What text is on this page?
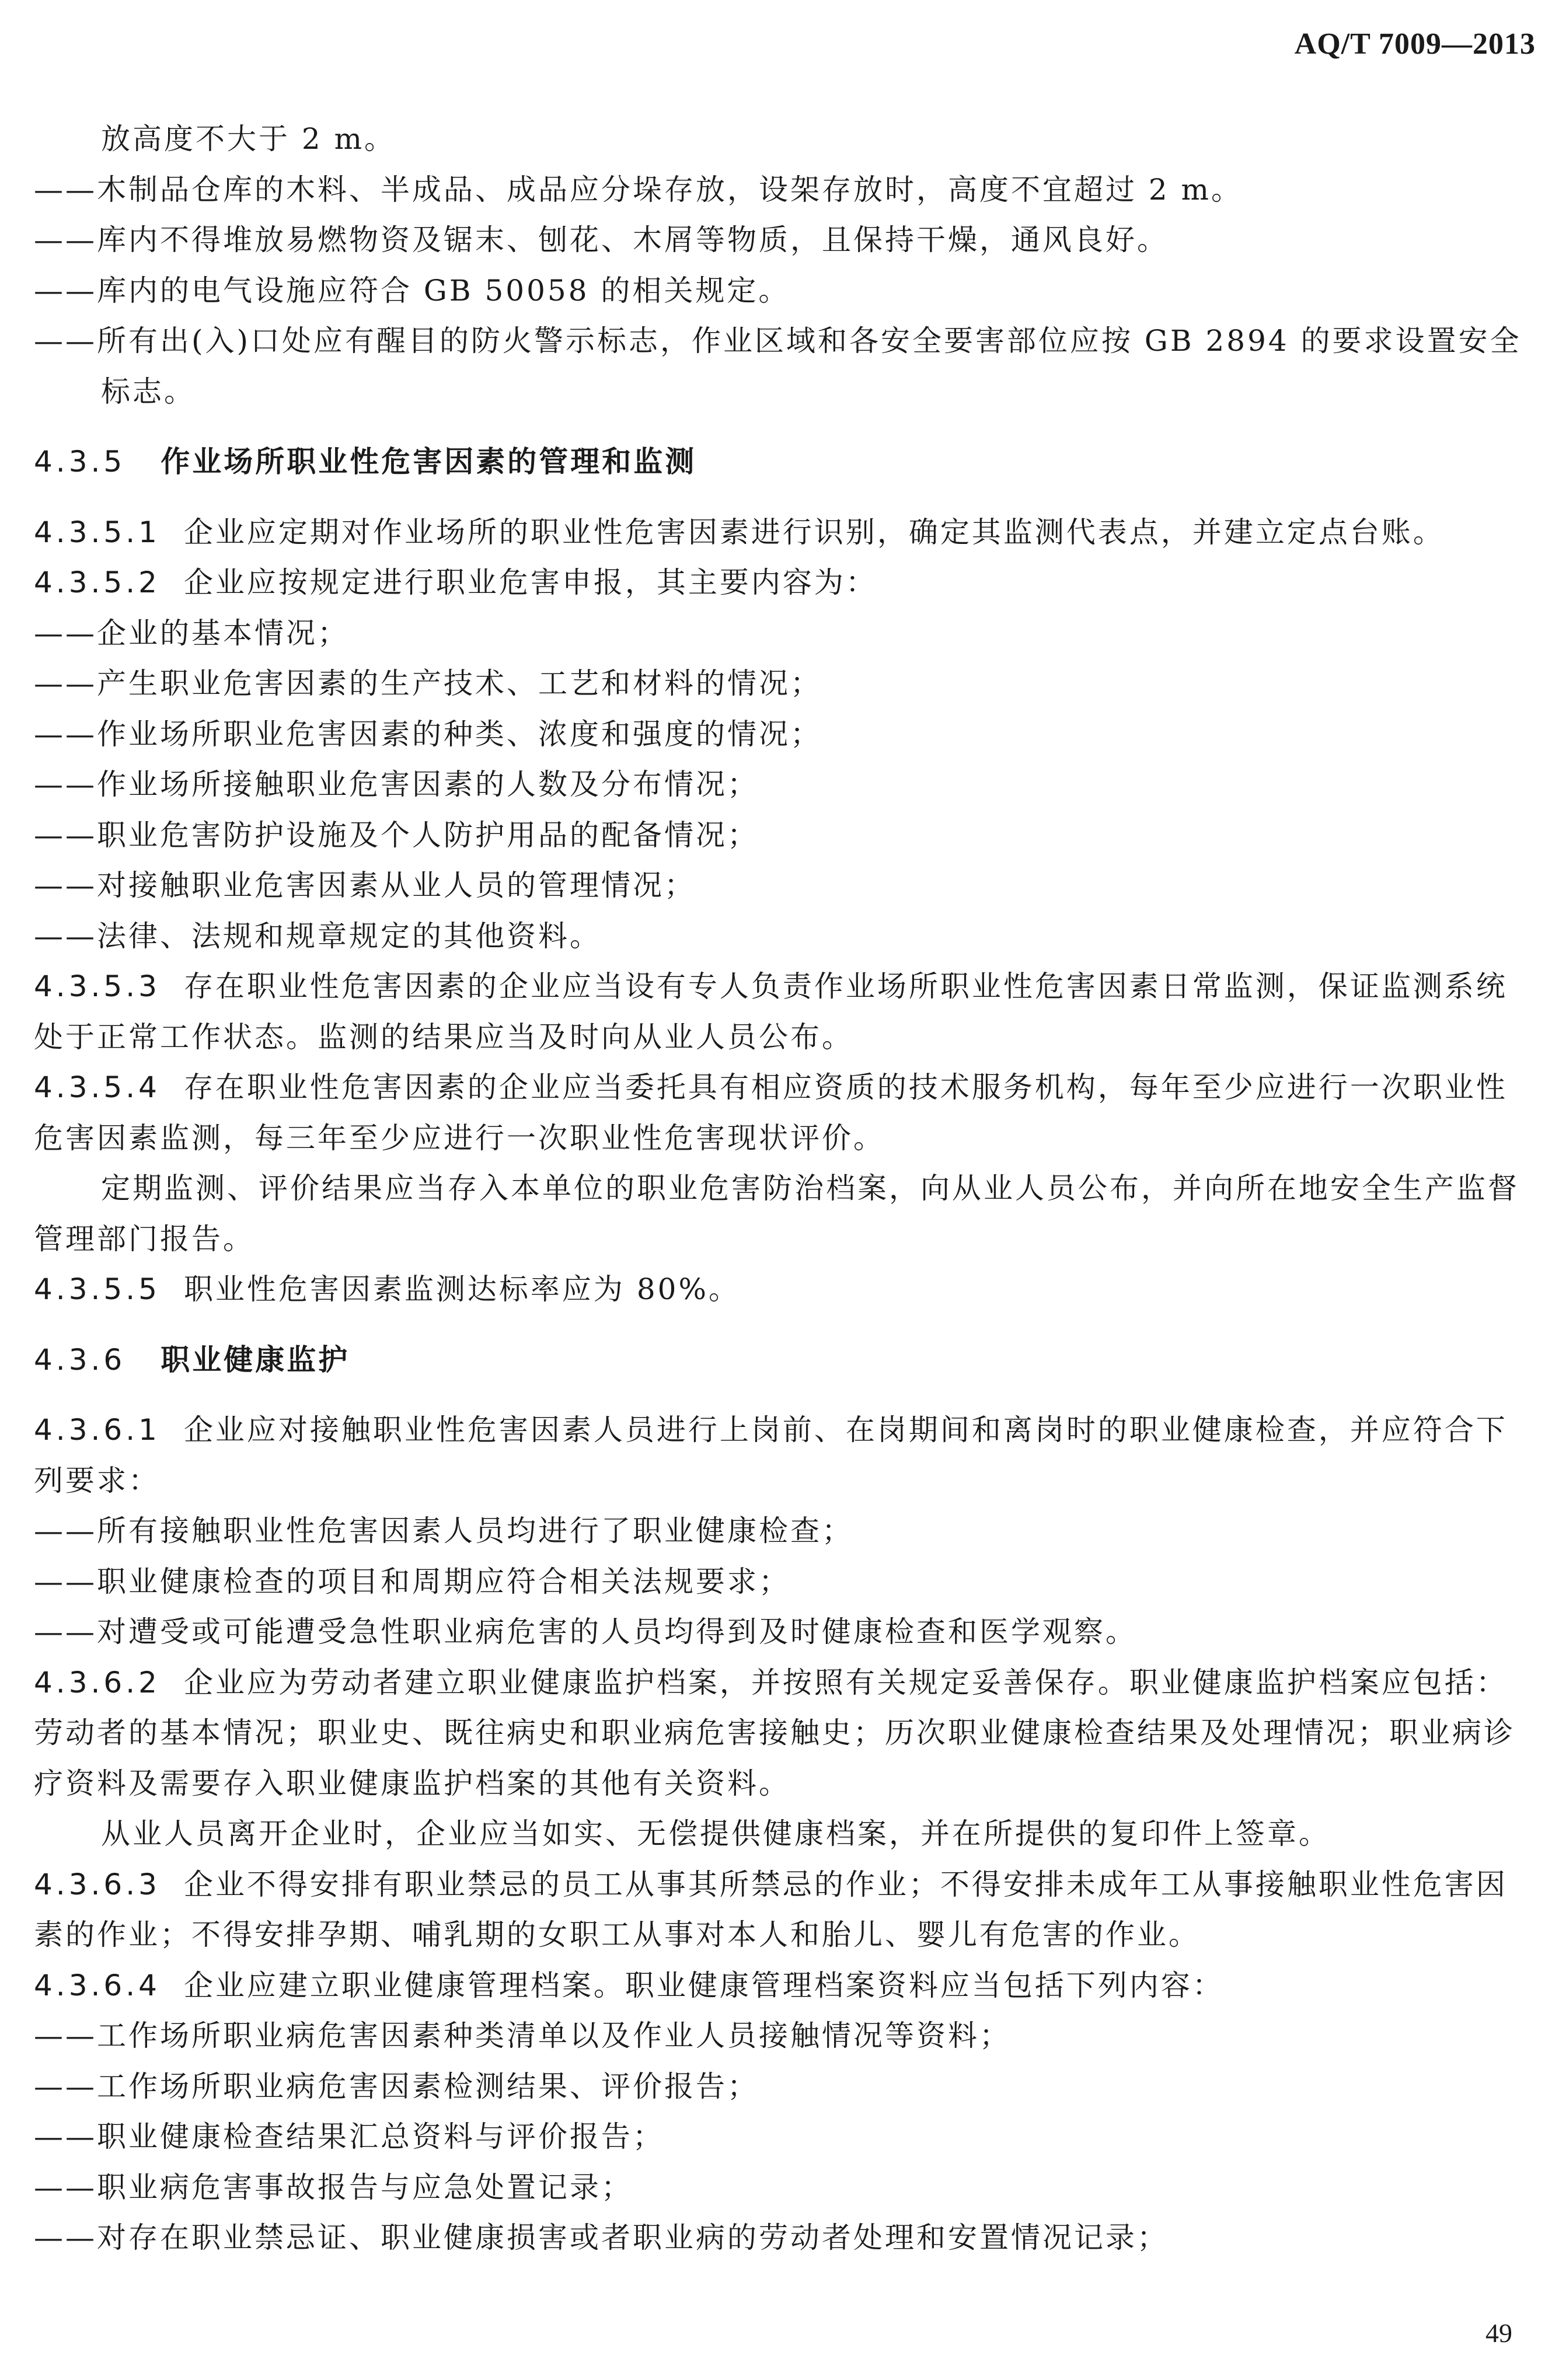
AQ/T 7009—2013

放高度不大于 2 m。

——木制品仓库的木料、半成品、成品应分垛存放，设架存放时，高度不宜超过 2 m。

——库内不得堆放易燃物资及锯末、刨花、木屑等物质，且保持干燥，通风良好。

——库内的电气设施应符合 GB 50058 的相关规定。

——所有出(入)口处应有醒目的防火警示标志，作业区域和各安全要害部位应按 GB 2894 的要求设置安全标志。

4.3.5 作业场所职业性危害因素的管理和监测

4.3.5.1 企业应定期对作业场所的职业性危害因素进行识别，确定其监测代表点，并建立定点台账。

4.3.5.2 企业应按规定进行职业危害申报，其主要内容为：

——企业的基本情况；

——产生职业危害因素的生产技术、工艺和材料的情况；

——作业场所职业危害因素的种类、浓度和强度的情况；

——作业场所接触职业危害因素的人数及分布情况；

——职业危害防护设施及个人防护用品的配备情况；

——对接触职业危害因素从业人员的管理情况；

——法律、法规和规章规定的其他资料。

4.3.5.3 存在职业性危害因素的企业应当设有专人负责作业场所职业性危害因素日常监测，保证监测系统处于正常工作状态。监测的结果应当及时向从业人员公布。

4.3.5.4 存在职业性危害因素的企业应当委托具有相应资质的技术服务机构，每年至少应进行一次职业性危害因素监测，每三年至少应进行一次职业性危害现状评价。

定期监测、评价结果应当存入本单位的职业危害防治档案，向从业人员公布，并向所在地安全生产监督管理部门报告。

4.3.5.5 职业性危害因素监测达标率应为 80%。

4.3.6 职业健康监护

4.3.6.1 企业应对接触职业性危害因素人员进行上岗前、在岗期间和离岗时的职业健康检查，并应符合下列要求：

——所有接触职业性危害因素人员均进行了职业健康检查；

——职业健康检查的项目和周期应符合相关法规要求；

——对遭受或可能遭受急性职业病危害的人员均得到及时健康检查和医学观察。

4.3.6.2 企业应为劳动者建立职业健康监护档案，并按照有关规定妥善保存。职业健康监护档案应包括：劳动者的基本情况；职业史、既往病史和职业病危害接触史；历次职业健康检查结果及处理情况；职业病诊疗资料及需要存入职业健康监护档案的其他有关资料。

从业人员离开企业时，企业应当如实、无偿提供健康档案，并在所提供的复印件上签章。

4.3.6.3 企业不得安排有职业禁忌的员工从事其所禁忌的作业；不得安排未成年工从事接触职业性危害因素的作业；不得安排孕期、哺乳期的女职工从事对本人和胎儿、婴儿有危害的作业。

4.3.6.4 企业应建立职业健康管理档案。职业健康管理档案资料应当包括下列内容：

——工作场所职业病危害因素种类清单以及作业人员接触情况等资料；

——工作场所职业病危害因素检测结果、评价报告；

——职业健康检查结果汇总资料与评价报告；

——职业病危害事故报告与应急处置记录；

——对存在职业禁忌证、职业健康损害或者职业病的劳动者处理和安置情况记录；

49
